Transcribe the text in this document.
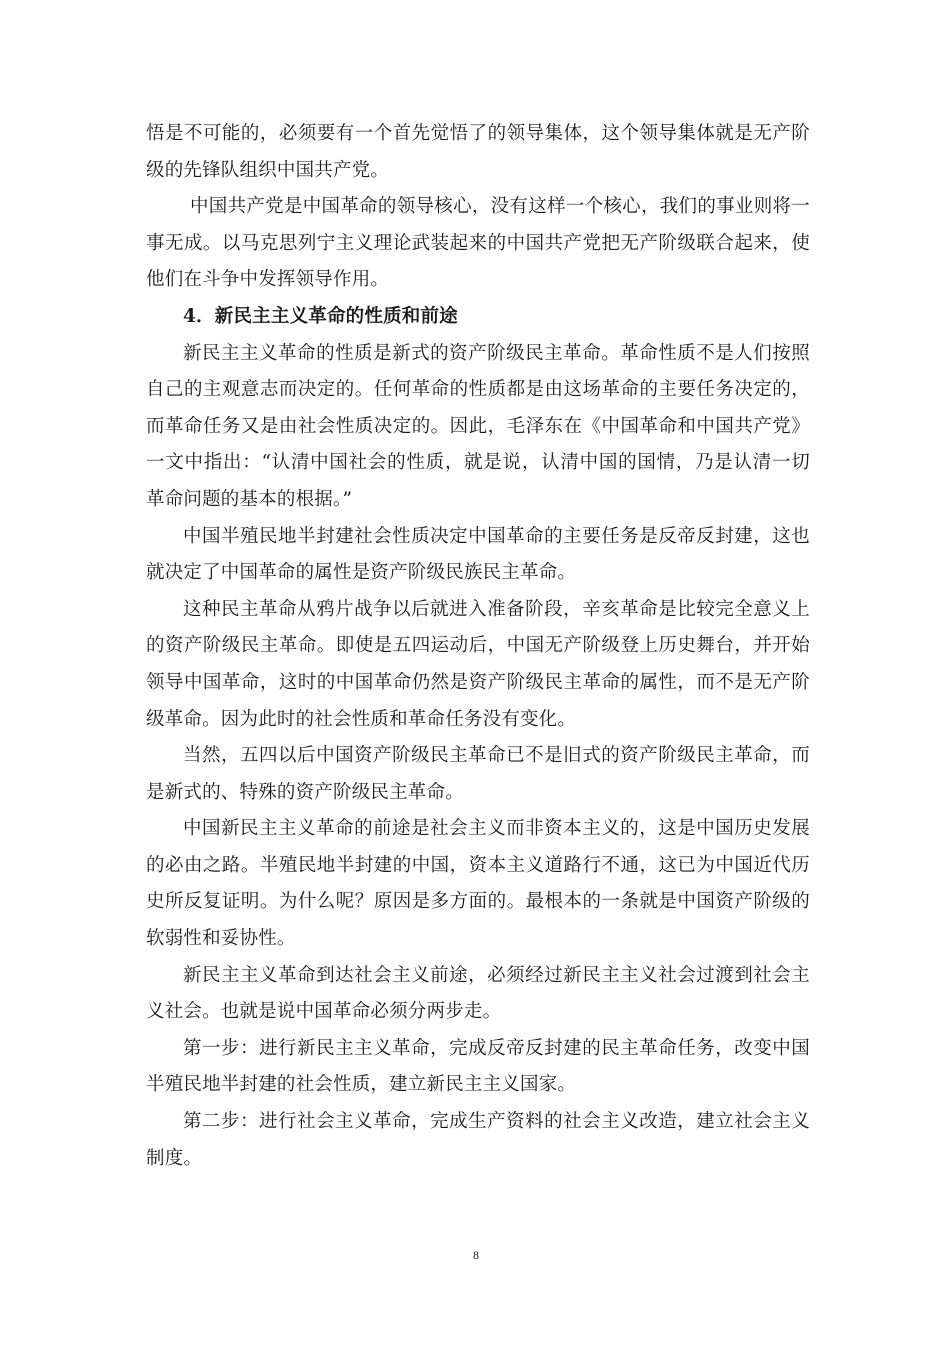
悟是不可能的，必须要有一个首先觉悟了的领导集体，这个领导集体就是无产阶级的先锋队组织中国共产党。

中国共产党是中国革命的领导核心，没有这样一个核心，我们的事业则将一事无成。以马克思列宁主义理论武装起来的中国共产党把无产阶级联合起来，使他们在斗争中发挥领导作用。

4．新民主主义革命的性质和前途

新民主主义革命的性质是新式的资产阶级民主革命。革命性质不是人们按照自己的主观意志而决定的。任何革命的性质都是由这场革命的主要任务决定的，而革命任务又是由社会性质决定的。因此，毛泽东在《中国革命和中国共产党》一文中指出：“认清中国社会的性质，就是说，认清中国的国情，乃是认清一切革命问题的基本的根据。”

中国半殖民地半封建社会性质决定中国革命的主要任务是反帝反封建，这也就决定了中国革命的属性是资产阶级民族民主革命。

这种民主革命从鸦片战争以后就进入准备阶段，辛亥革命是比较完全意义上的资产阶级民主革命。即使是五四运动后，中国无产阶级登上历史舞台，并开始领导中国革命，这时的中国革命仍然是资产阶级民主革命的属性，而不是无产阶级革命。因为此时的社会性质和革命任务没有变化。

当然，五四以后中国资产阶级民主革命已不是旧式的资产阶级民主革命，而是新式的、特殊的资产阶级民主革命。

中国新民主主义革命的前途是社会主义而非资本主义的，这是中国历史发展的必由之路。半殖民地半封建的中国，资本主义道路行不通，这已为中国近代历史所反复证明。为什么呢？原因是多方面的。最根本的一条就是中国资产阶级的软弱性和妥协性。

新民主主义革命到达社会主义前途，必须经过新民主主义社会过渡到社会主义社会。也就是说中国革命必须分两步走。

第一步：进行新民主主义革命，完成反帝反封建的民主革命任务，改变中国半殖民地半封建的社会性质，建立新民主主义国家。

第二步：进行社会主义革命，完成生产资料的社会主义改造，建立社会主义制度。

8
